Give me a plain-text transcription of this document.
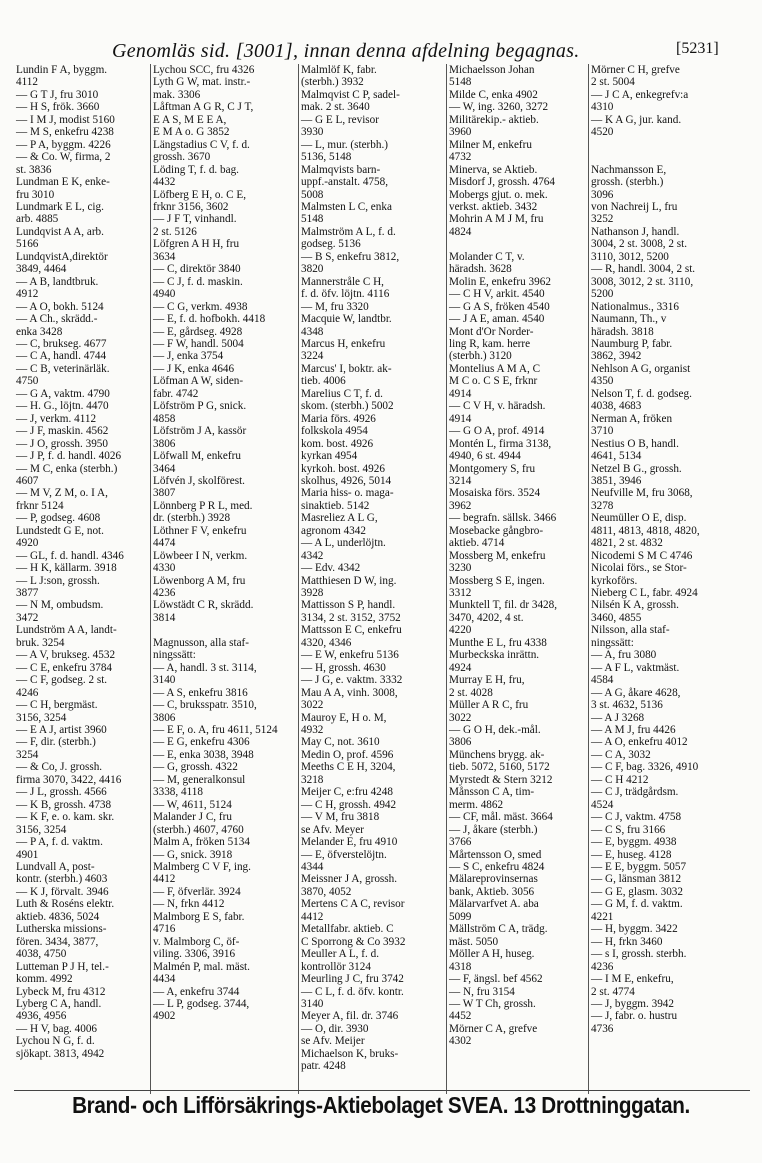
Genomläs sid. [3001], innan denna afdelning begagnas.	[5231]
Lundin F A, byggm.
4112
— G T J, fru 3010
— H S, frök. 3660
— I M J, modist 5160
— M S, enkefru 4238
— P A, byggm. 4226
— & Co. W, firma, 2
st. 3836
Lundman E K, enke-
fru 3010
Lundmark E L, cig.
arb. 4885
Lundqvist A A, arb.
5166
LundqvistA,direktör
3849, 4464
— A B, landtbruk.
4912
— A O, bokh. 5124
— A Ch., skrädd.-
enka 3428
— C, brukseg. 4677
— C A, handl. 4744
— C B, veterinärläk.
4750
— G A, vaktm. 4790
— H. G., löjtn. 4470
— J, verkm. 4112
— J F, maskin. 4562
— J O, grossh. 3950
— J P, f. d. handl. 4026
— M C, enka (sterbh.)
4607
— M V, Z M, o. I A,
frknr 5124
— P, godseg. 4608
Lundstedt G E, not.
4920
— GL, f. d. handl. 4346
— H K, källarm. 3918
— L J:son, grossh.
3877
— N M, ombudsm.
3472
Lundström A A, landt-
bruk. 3254
— A V, brukseg. 4532
— C E, enkefru 3784
— C F, godseg. 2 st.
4246
— C H, bergmäst.
3156, 3254
— E A J, artist 3960
— F, dir. (sterbh.)
3254
— & Co, J. grossh.
firma 3070, 3422, 4416
— J L, grossh. 4566
— K B, grossh. 4738
— K F, e. o. kam. skr.
3156, 3254
— P A, f. d. vaktm.
4901
Lundvall A, post-
kontr. (sterbh.) 4603
— K J, förvalt. 3946
Luth & Roséns elektr.
aktieb. 4836, 5024
Lutherska missions-
fören. 3434, 3877,
4038, 4750
Lutteman P J H, tel.-
komm. 4992
Lybeck M, fru 4312
Lyberg C A, handl.
4936, 4956
— H V, bag. 4006
Lychou N G, f. d.
sjökapt. 3813, 4942
Lychou SCC, fru 4326
Lyth G W, mat. instr.-
mak. 3306
Låftman A G R, C J T,
E A S, M E E A,
E M A o. G 3852
Längstadius C V, f. d.
grossh. 3670
Löding T, f. d. bag.
4432
Löfberg E H, o. C E,
frknr 3156, 3602
— J F T, vinhandl.
2 st. 5126
Löfgren A H H, fru
3634
— C, direktör 3840
— C J, f. d. maskin.
4940
— C G, verkm. 4938
— E, f. d. hofbokh. 4418
— E, gårdseg. 4928
— F W, handl. 5004
— J, enka 3754
— J K, enka 4646
Löfman A W, siden-
fabr. 4742
Löfström P G, snick.
4858
Löfström J A, kassör
3806
Löfwall M, enkefru
3464
Löfvén J, skolförest.
3807
Lönnberg P R L, med.
dr. (sterbh.) 3928
Löthner F V, enkefru
4474
Löwbeer I N, verkm.
4330
Löwenborg A M, fru
4236
Löwstädt C R, skrädd.
3814

Magnusson, alla staf-
ningssätt:
— A, handl. 3 st. 3114,
3140
— A S, enkefru 3816
— C, bruksspatr. 3510,
3806
— E F, o. A, fru 4611, 5124
— E G, enkefru 4306
— E, enka 3038, 3948
— G, grossh. 4322
— M, generalkonsul
3338, 4118
— W, 4611, 5124
Malander J C, fru
(sterbh.) 4607, 4760
Malm A, fröken 5134
— G, snick. 3918
Malmberg C V F, ing.
4412
— F, öfverlär. 3924
— N, frkn 4412
Malmborg E S, fabr.
4716
v. Malmborg C, öf-
viling. 3306, 3916
Malmén P, mal. mäst.
4434
— A, enkefru 3744
— L P, godseg. 3744,
4902
Malmlöf K, fabr.
(sterbh.) 3932
Malmqvist C P, sadel-
mak. 2 st. 3640
— G E L, revisor
3930
— L, mur. (sterbh.)
5136, 5148
Malmqvists barn-
uppf.-anstalt. 4758,
5008
Malmsten L C, enka
5148
Malmström A L, f. d.
godseg. 5136
— B S, enkefru 3812,
3820
Mannerstråle C H,
f. d. öfv. löjtn. 4116
— M, fru 3320
Macquie W, landtbr.
4348
Marcus H, enkefru
3224
Marcus' I, boktr. ak-
tieb. 4006
Marelius C T, f. d.
skom. (sterbh.) 5002
Maria förs. 4926
folkskola 4954
kom. bost. 4926
kyrkan 4954
kyrkoh. bost. 4926
skolhus, 4926, 5014
Maria hiss- o. maga-
sinaktieb. 5142
Masreliez A L G,
agronom 4342
— A L, underlöjtn.
4342
— Edv. 4342
Matthiesen D W, ing.
3928
Mattisson S P, handl.
3134, 2 st. 3152, 3752
Mattsson E C, enkefru
4320, 4346
— E W, enkefru 5136
— H, grossh. 4630
— J G, e. vaktm. 3332
Mau A A, vinh. 3008,
3022
Mauroy E, H o. M,
4932
May C, not. 3610
Medin O, prof. 4596
Meeths C E H, 3204,
3218
Meijer C, e:fru 4248
— C H, grossh. 4942
— V M, fru 3818
se Afv. Meyer
Melander E, fru 4910
— E, öfverstelöjtn.
4344
Meissner J A, grossh.
3870, 4052
Mertens C A C, revisor
4412
Metallfabr. aktieb. C
C Sporrong & Co 3932
Meuller A L, f. d.
kontrollör 3124
Meurling J C, fru 3742
— C L, f. d. öfv. kontr.
3140
Meyer A, fil. dr. 3746
— O, dir. 3930
se Afv. Meijer
Michaelson K, bruks-
patr. 4248
Michaelsson Johan
5148
Milde C, enka 4902
— W, ing. 3260, 3272
Militärekip.- aktieb.
3960
Milner M, enkefru
4732
Minerva, se Aktieb.
Misdorf J, grossh. 4764
Mobergs gjut. o. mek.
verkst. aktieb. 3432
Mohrin A M J M, fru
4824

Molander C T, v.
häradsh. 3628
Molin E, enkefru 3962
— C H V, arkit. 4540
— G A S, fröken 4540
— J A E, aman. 4540
Mont d'Or Norder-
ling R, kam. herre
(sterbh.) 3120
Montelius A M A, C
M C o. C S E, frknr
4914
— C V H, v. häradsh.
4914
— G O A, prof. 4914
Montén L, firma 3138,
4940, 6 st. 4944
Montgomery S, fru
3214
Mosaiska förs. 3524
3962
— begrafn. sällsk. 3466
Mosebacke gångbro-
aktieb. 4714
Mossberg M, enkefru
3230
Mossberg S E, ingen.
3312
Munktell T, fil. dr 3428,
3470, 4202, 4 st.
4220
Munthe E L, fru 4338
Murbeckska inrättn.
4924
Murray E H, fru,
2 st. 4028
Müller A R C, fru
3022
— G O H, dek.-mål.
3806
Münchens brygg. ak-
tieb. 5072, 5160, 5172
Myrstedt & Stern 3212
Månsson C A, tim-
merm. 4862
— CF, mål. mäst. 3664
— J, åkare (sterbh.)
3766
Mårtensson O, smed
— S C, enkefru 4824
Mälareprovinsernas
bank, Aktieb. 3056
Mälarvarfvet A. aba
5099
Mällström C A, trädg.
mäst. 5050
Möller A H, huseg.
4318
— F, ängsl. bef 4562
— N, fru 3154
— W T Ch, grossh.
4452
Mörner C A, grefve
4302
Mörner C H, grefve
2 st. 5004
— J C A, enkegrefv:a
4310
— K A G, jur. kand.
4520

Nachmansson E,
grossh. (sterbh.)
3096
von Nachreij L, fru
3252
Nathanson J, handl.
3004, 2 st. 3008, 2 st.
3110, 3012, 5200
— R, handl. 3004, 2 st.
3008, 3012, 2 st. 3110,
5200
Nationalmus., 3316
Naumann, Th., v
häradsh. 3818
Naumburg P, fabr.
3862, 3942
Nehlson A G, organist
4350
Nelson T, f. d. godseg.
4038, 4683
Nerman A, fröken
3710
Nestius O B, handl.
4641, 5134
Netzel B G., grossh.
3851, 3946
Neufville M, fru 3068,
3278
Neumüller O E, disp.
4811, 4813, 4818, 4820,
4821, 2 st. 4832
Nicodemi S M C 4746
Nicolai förs., se Stor-
kyrkoförs.
Nieberg C L, fabr. 4924
Nilsén K A, grossh.
3460, 4855
Nilsson, alla staf-
ningssätt:
— A, fru 3080
— A F L, vaktmäst.
4584
— A G, åkare 4628,
3 st. 4632, 5136
— A J 3268
— A M J, fru 4426
— A O, enkefru 4012
— C A, 3032
— C F, bag. 3326, 4910
— C H 4212
— C J, trädgårdsm.
4524
— C J, vaktm. 4758
— C S, fru 3166
— E, byggm. 4938
— E, huseg. 4128
— E E, byggm. 5057
— G, länsman 3812
— G E, glasm. 3032
— G M, f. d. vaktm.
4221
— H, byggm. 3422
— H, frkn 3460
— s I, grossh. sterbh.
4236
— I M E, enkefru,
2 st. 4774
— J, byggm. 3942
— J, fabr. o. hustru
4736
Brand- och Lifförsäkrings-Aktiebolaget SVEA. 13 Drottninggatan.
